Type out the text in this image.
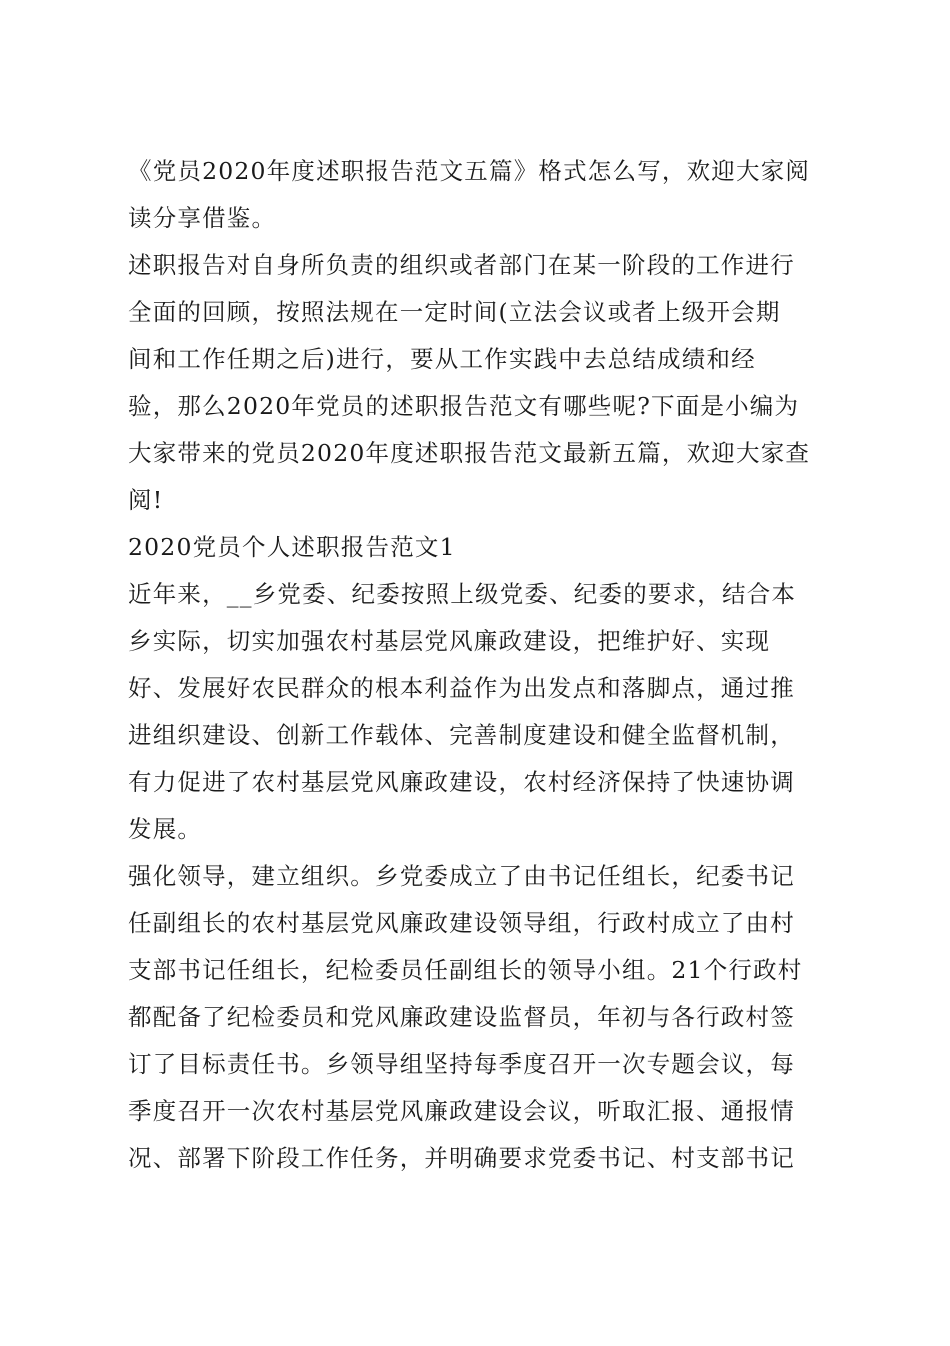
《党员2020年度述职报告范文五篇》格式怎么写，欢迎大家阅
读分享借鉴。
述职报告对自身所负责的组织或者部门在某一阶段的工作进行
全面的回顾，按照法规在一定时间(立法会议或者上级开会期
间和工作任期之后)进行，要从工作实践中去总结成绩和经
验，那么2020年党员的述职报告范文有哪些呢?下面是小编为
大家带来的党员2020年度述职报告范文最新五篇，欢迎大家查
阅!
2020党员个人述职报告范文1
近年来，__乡党委、纪委按照上级党委、纪委的要求，结合本
乡实际，切实加强农村基层党风廉政建设，把维护好、实现
好、发展好农民群众的根本利益作为出发点和落脚点，通过推
进组织建设、创新工作载体、完善制度建设和健全监督机制，
有力促进了农村基层党风廉政建设，农村经济保持了快速协调
发展。
强化领导，建立组织。乡党委成立了由书记任组长，纪委书记
任副组长的农村基层党风廉政建设领导组，行政村成立了由村
支部书记任组长，纪检委员任副组长的领导小组。21个行政村
都配备了纪检委员和党风廉政建设监督员，年初与各行政村签
订了目标责任书。乡领导组坚持每季度召开一次专题会议，每
季度召开一次农村基层党风廉政建设会议，听取汇报、通报情
况、部署下阶段工作任务，并明确要求党委书记、村支部书记
